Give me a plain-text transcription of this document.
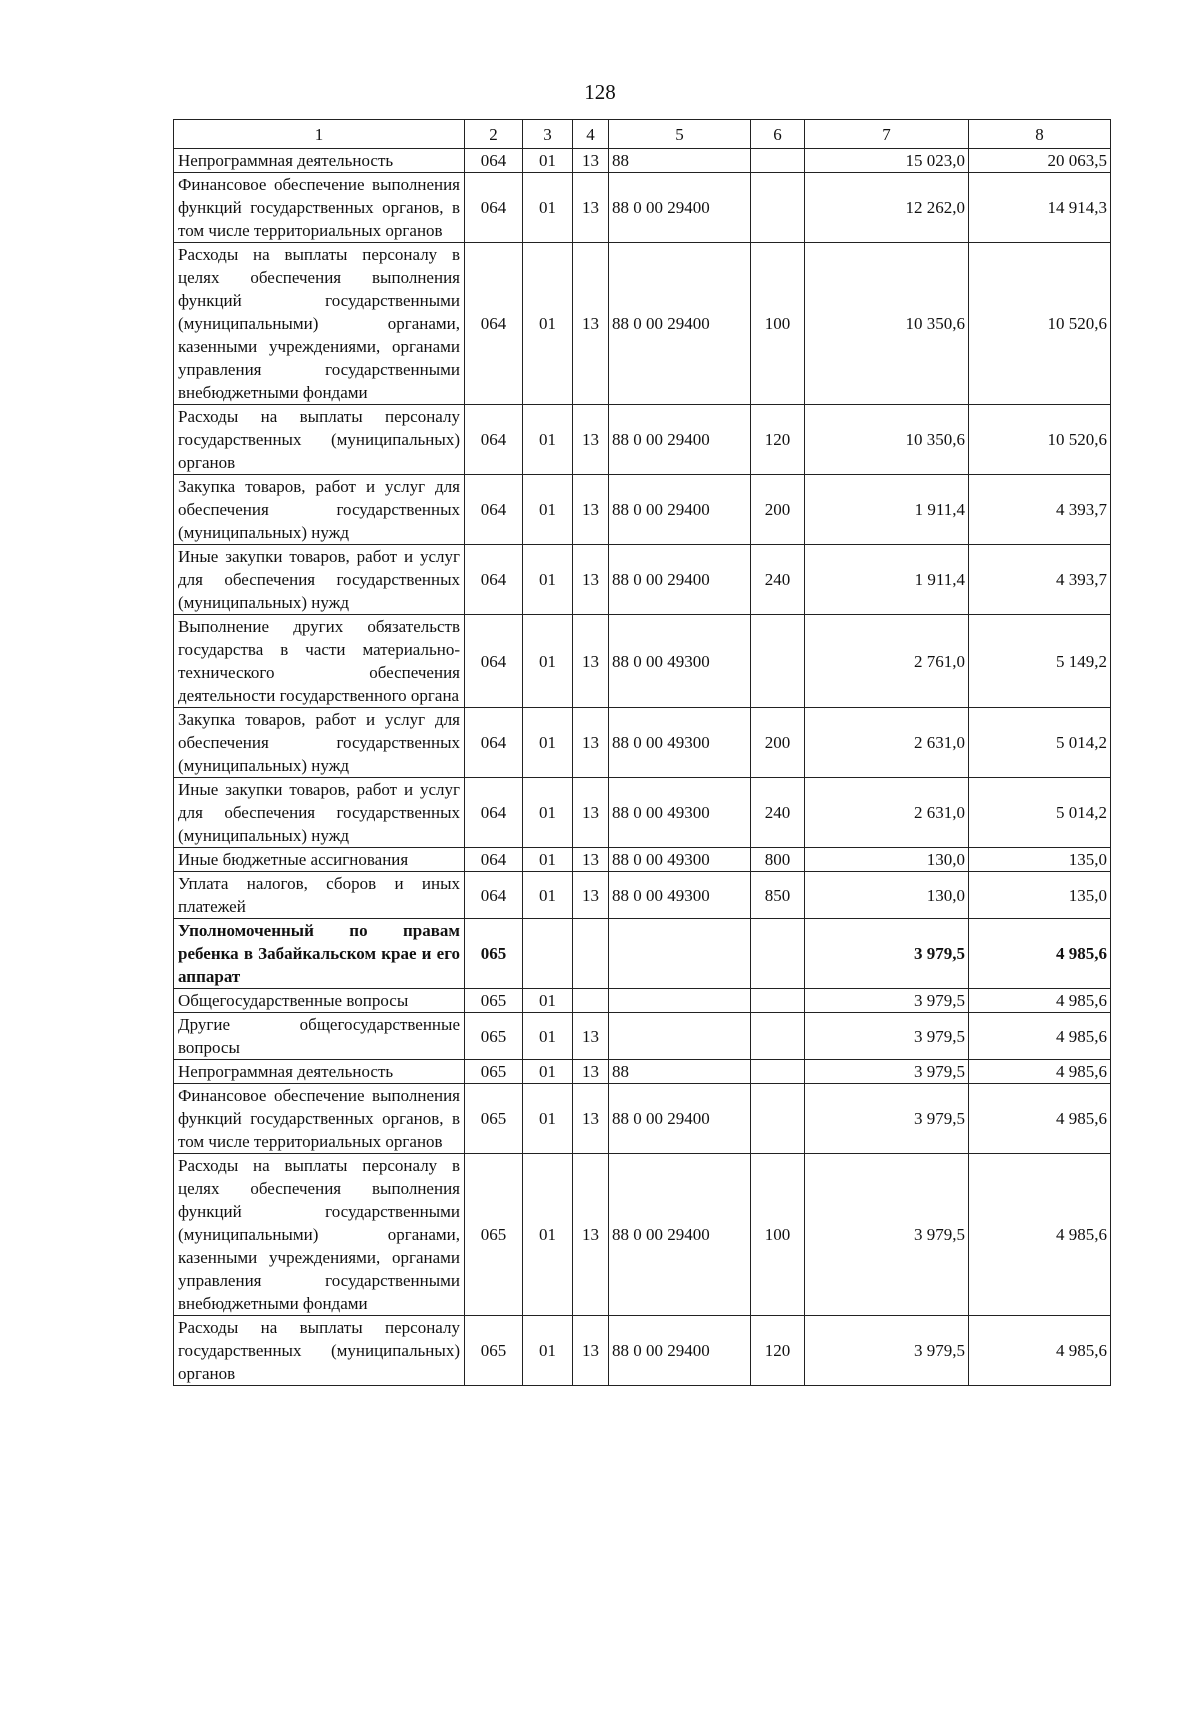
128
1	2	3	4	5	6	7	8
Непрограммная деятельность	064	01	13	88		15 023,0	20 063,5
Финансовое обеспечение выполнения функций государственных органов, в том числе территориальных органов	064	01	13	88 0 00 29400		12 262,0	14 914,3
Расходы на выплаты персоналу в целях обеспечения выполнения функций государственными (муниципальными) органами, казенными учреждениями, органами управления государственными внебюджетными фондами	064	01	13	88 0 00 29400	100	10 350,6	10 520,6
Расходы на выплаты персоналу государственных (муниципальных) органов	064	01	13	88 0 00 29400	120	10 350,6	10 520,6
Закупка товаров, работ и услуг для обеспечения государственных (муниципальных) нужд	064	01	13	88 0 00 29400	200	1 911,4	4 393,7
Иные закупки товаров, работ и услуг для обеспечения государственных (муниципальных) нужд	064	01	13	88 0 00 29400	240	1 911,4	4 393,7
Выполнение других обязательств государства в части материально-технического обеспечения деятельности государственного органа	064	01	13	88 0 00 49300		2 761,0	5 149,2
Закупка товаров, работ и услуг для обеспечения государственных (муниципальных) нужд	064	01	13	88 0 00 49300	200	2 631,0	5 014,2
Иные закупки товаров, работ и услуг для обеспечения государственных (муниципальных) нужд	064	01	13	88 0 00 49300	240	2 631,0	5 014,2
Иные бюджетные ассигнования	064	01	13	88 0 00 49300	800	130,0	135,0
Уплата налогов, сборов и иных платежей	064	01	13	88 0 00 49300	850	130,0	135,0
Уполномоченный по правам ребенка в Забайкальском крае и его аппарат	065					3 979,5	4 985,6
Общегосударственные вопросы	065	01				3 979,5	4 985,6
Другие общегосударственные вопросы	065	01	13			3 979,5	4 985,6
Непрограммная деятельность	065	01	13	88		3 979,5	4 985,6
Финансовое обеспечение выполнения функций государственных органов, в том числе территориальных органов	065	01	13	88 0 00 29400		3 979,5	4 985,6
Расходы на выплаты персоналу в целях обеспечения выполнения функций государственными (муниципальными) органами, казенными учреждениями, органами управления государственными внебюджетными фондами	065	01	13	88 0 00 29400	100	3 979,5	4 985,6
Расходы на выплаты персоналу государственных (муниципальных) органов	065	01	13	88 0 00 29400	120	3 979,5	4 985,6
